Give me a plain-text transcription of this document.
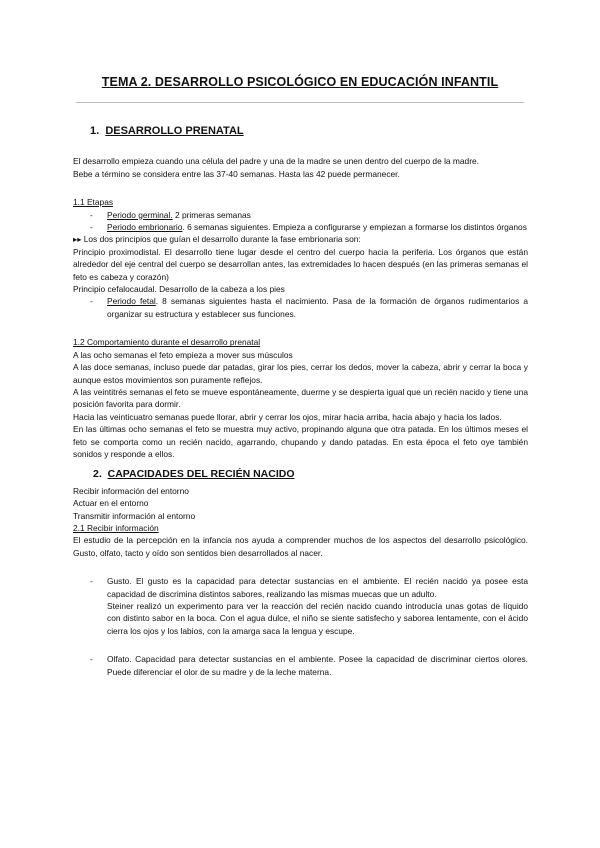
TEMA 2. DESARROLLO PSICOLÓGICO EN EDUCACIÓN INFANTIL
1. DESARROLLO PRENATAL

El desarrollo empieza cuando una célula del padre y una de la madre se unen dentro del cuerpo de la madre.

Bebe a término se considera entre las 37-40 semanas. Hasta las 42 puede permanecer.

1.1 Etapas

-	Periodo germinal. 2 primeras semanas
-	Periodo embrionario. 6 semanas siguientes. Empieza a configurarse y empiezan a formarse los distintos órganos

▸▸ Los dos principios que guían el desarrollo durante la fase embrionaria son:

Principio proximodistal. El desarrollo tiene lugar desde el centro del cuerpo hacia la periferia. Los órganos que están alrededor del eje central del cuerpo se desarrollan antes, las extremidades lo hacen después (en las primeras semanas el feto es cabeza y corazón)

Principio cefalocaudal. Desarrollo de la cabeza a los pies

-	Periodo fetal. 8 semanas siguientes hasta el nacimiento. Pasa de la formación de órganos rudimentarios a organizar su estructura y establecer sus funciones.

1.2 Comportamiento durante el desarrollo prenatal

A las ocho semanas el feto empieza a mover sus músculos

A las doce semanas, incluso puede dar patadas, girar los pies, cerrar los dedos, mover la cabeza, abrir y cerrar la boca y aunque estos movimientos son puramente reflejos.

A las veintitrés semanas el feto se mueve espontáneamente, duerme y se despierta igual que un recién nacido y tiene una posición favorita para dormir.

Hacia las veinticuatro semanas puede llorar, abrir y cerrar los ojos, mirar hacia arriba, hacia abajo y hacia los lados.

En las últimas ocho semanas el feto se muestra muy activo, propinando alguna que otra patada. En los últimos meses el feto se comporta como un recién nacido, agarrando, chupando y dando patadas. En esta época el feto oye también sonidos y responde a ellos.

2. CAPACIDADES DEL RECIÉN NACIDO

Recibir información del entorno

Actuar en el entorno

Transmitir información al entorno

2.1 Recibir información

El estudio de la percepción en la infancia nos ayuda a comprender muchos de los aspectos del desarrollo psicológico. Gusto, olfato, tacto y oído son sentidos bien desarrollados al nacer.

-	Gusto. El gusto es la capacidad para detectar sustancias en el ambiente. El recién nacido ya posee esta capacidad de discrimina distintos sabores, realizando las mismas muecas que un adulto.

Steiner realizó un experimento para ver la reacción del recién nacido cuando introducía unas gotas de líquido con distinto sabor en la boca. Con el agua dulce, el niño se siente satisfecho y saborea lentamente, con el ácido cierra los ojos y los labios, con la amarga saca la lengua y escupe.

-	Olfato. Capacidad para detectar sustancias en el ambiente. Posee la capacidad de discriminar ciertos olores. Puede diferenciar el olor de su madre y de la leche materna.
